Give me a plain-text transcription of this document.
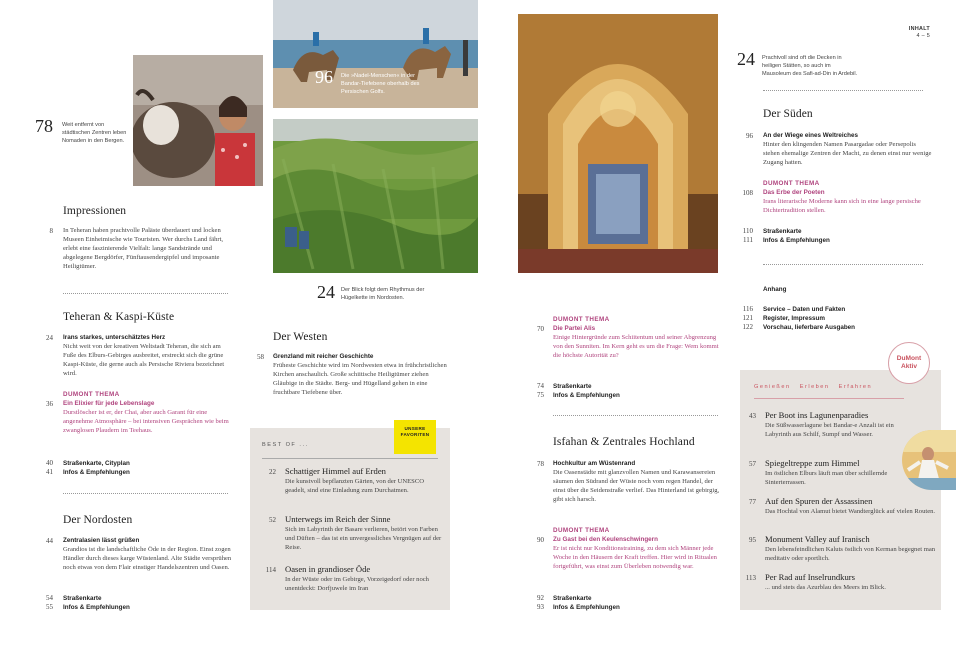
INHALT
4 – 5
96 Die »Nadel-Menschen« in der Bandar-Tiefebene oberhalb des Persischen Golfs.
78 Weit entfernt von städtischen Zentren leben Nomaden in den Bergen.
24 Der Blick folgt dem Rhythmus der Hügelkette im Nordosten.
24 Prachtvoll sind oft die Decken in heiligen Stätten, so auch im Mausoleum des Safi-ad-Din in Ardebil.
Impressionen
8 In Teheran haben prachtvolle Paläste überdauert und locken Museen Einheimische wie Touristen. Wer durchs Land fährt, erlebt eine faszinierende Vielfalt: lange Sandstrände und abgelegene Bergdörfer, Fünftausendergipfel und imposante Heiligtümer.
Teheran & Kaspi-Küste
24 Irans starkes, unterschätztes Herz
Nicht weit von der kreativen Weltstadt Teheran, die sich am Fuße des Elburs-Gebirges ausbreitet, erstreckt sich die grüne Kaspi-Küste, die gerne auch als Persische Riviera bezeichnet wird.
36
DUMONT THEMA
Ein Elixier für jede Lebenslage
Durstlöscher ist er, der Chai, aber auch Garant für eine angenehme Atmosphäre – bei intensiven Gesprächen wie beim zwanglosen Plaudern im Teehaus.
40 Straßenkarte, Cityplan
41 Infos & Empfehlungen
Der Nordosten
44 Zentralasien lässt grüßen
Grandios ist die landschaftliche Öde in der Region. Einst zogen Händler durch dieses karge Wüstenland. Alte Städte versprühen noch etwas von dem Flair einstiger Handelszentren und Oasen.
54 Straßenkarte
55 Infos & Empfehlungen
Der Westen
58 Grenzland mit reicher Geschichte
Früheste Geschichte wird im Nordwesten etwa in frühchristlichen Kirchen anschaulich. Große schiitische Heiligtümer ziehen Gläubige in die Städte. Berg- und Hügelland gehen in eine fruchtbare Tiefebene über.
BEST OF ...
UNSERE
FAVORITEN
22 Schattiger Himmel auf Erden
Die kunstvoll bepflanzten Gärten, von der UNESCO geadelt, sind eine Einladung zum Durchatmen.
52 Unterwegs im Reich der Sinne
Sich im Labyrinth der Basare verlieren, betört von Farben und Düften – das ist ein unvergessliches Vergnügen auf der Reise.
114 Oasen in grandioser Öde
In der Wüste oder im Gebirge, Vorzeigedorf oder noch unentdeckt: Dorfjuwele im Iran
70
DUMONT THEMA
Die Partei Alis
Einige Hintergründe zum Schiitentum und seiner Abgrenzung von den Sunniten. Im Kern geht es um die Frage: Wem kommt die höchste Autorität zu?
74 Straßenkarte
75 Infos & Empfehlungen
Isfahan & Zentrales Hochland
78 Hochkultur am Wüstenrand
Die Oasenstädte mit glanzvollen Namen und Karawansereien säumen den Südrand der Wüste noch vom regen Handel, der einst über die Seidenstraße verlief. Das Hinterland ist gebirgig, gibt sich harsch.
90
DUMONT THEMA
Zu Gast bei den Keulenschwingern
Er ist nicht nur Konditionstraining, zu dem sich Männer jede Woche in den Häusern der Kraft treffen. Hier wird in Ritualen fortgeführt, was einst zum Überleben notwendig war.
92 Straßenkarte
93 Infos & Empfehlungen
Der Süden
96 An der Wiege eines Weltreiches
Hinter den klingenden Namen Pasargadae oder Persepolis stehen ehemalige Zentren der Macht, zu denen einst nur wenige Zugang hatten.
108
DUMONT THEMA
Das Erbe der Poeten
Irans literarische Moderne kann sich in eine lange persische Dichtertradition stellen.
110 Straßenkarte
111 Infos & Empfehlungen
Anhang
116 Service – Daten und Fakten
121 Register, Impressum
122 Vorschau, lieferbare Ausgaben
Genießen   Erleben   Erfahren
43 Per Boot ins Lagunenparadies
Die Süßwasserlagune bei Bandar-e Anzali ist ein Labyrinth aus Schilf, Sumpf und Wasser.
57 Spiegeltreppe zum Himmel
Im östlichen Elburs läuft man über schillernde Sinterterrassen.
77 Auf den Spuren der Assassinen
Das Hochtal von Alamut bietet Wandterglück auf vielen Routen.
95 Monument Valley auf Iranisch
Den lebensfeindlichen Kaluts östlich von Kerman begegnet man meditativ oder sportlich.
113 Per Rad auf Inselrundkurs
... und stets das Azurblau des Meers im Blick.
DuMont
Aktiv
